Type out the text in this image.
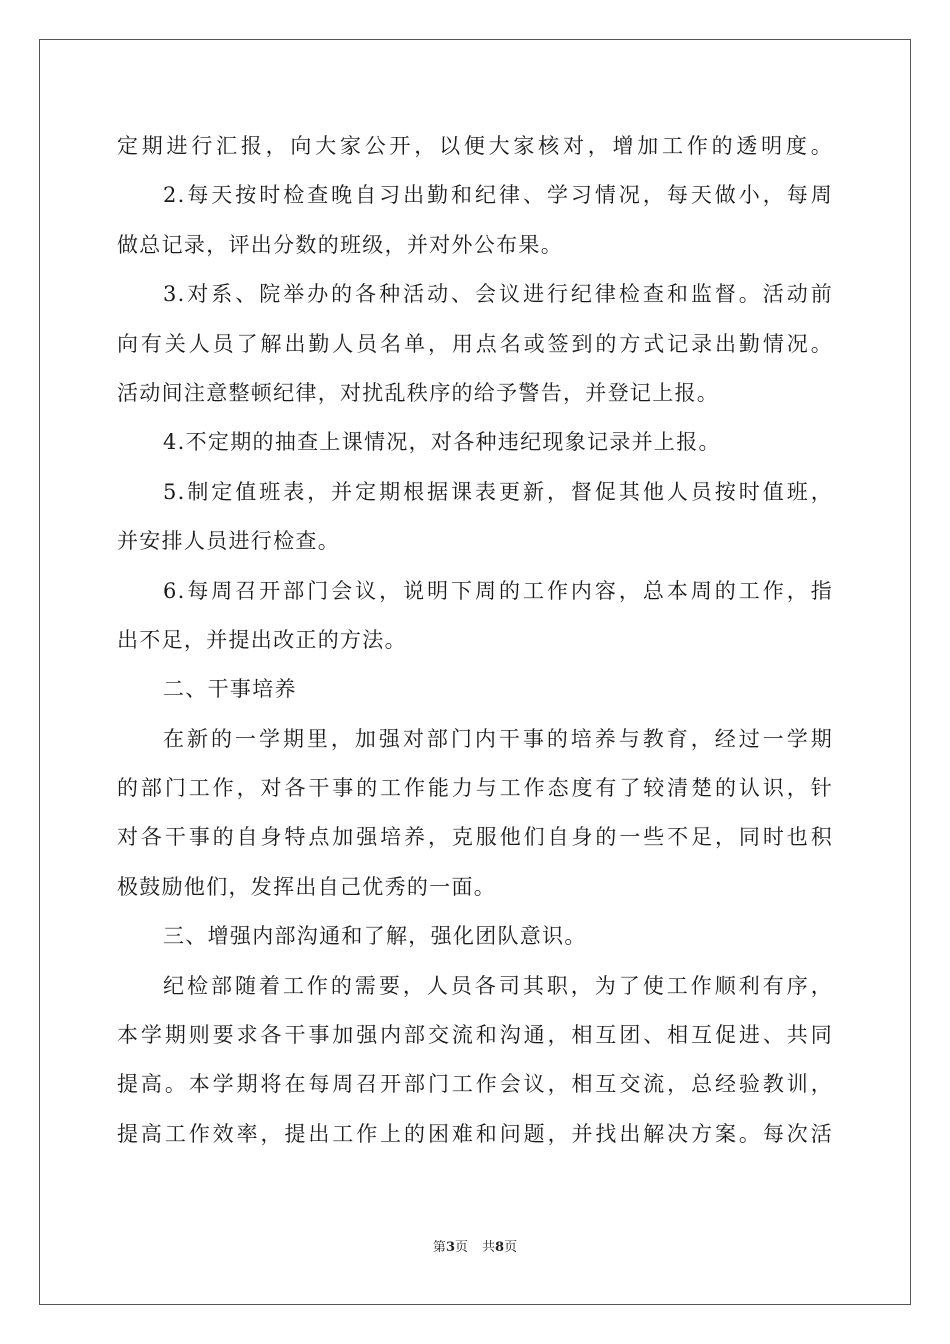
定期进行汇报，向大家公开，以便大家核对，增加工作的透明度。
2.每天按时检查晚自习出勤和纪律、学习情况，每天做小，每周
做总记录，评出分数的班级，并对外公布果。
3.对系、院举办的各种活动、会议进行纪律检查和监督。活动前
向有关人员了解出勤人员名单，用点名或签到的方式记录出勤情况。
活动间注意整顿纪律，对扰乱秩序的给予警告，并登记上报。
4.不定期的抽查上课情况，对各种违纪现象记录并上报。
5.制定值班表，并定期根据课表更新，督促其他人员按时值班，
并安排人员进行检查。
6.每周召开部门会议，说明下周的工作内容，总本周的工作，指
出不足，并提出改正的方法。
二、干事培养
在新的一学期里，加强对部门内干事的培养与教育，经过一学期
的部门工作，对各干事的工作能力与工作态度有了较清楚的认识，针
对各干事的自身特点加强培养，克服他们自身的一些不足，同时也积
极鼓励他们，发挥出自己优秀的一面。
三、增强内部沟通和了解，强化团队意识。
纪检部随着工作的需要，人员各司其职，为了使工作顺利有序，
本学期则要求各干事加强内部交流和沟通，相互团、相互促进、共同
提高。本学期将在每周召开部门工作会议，相互交流，总经验教训，
提高工作效率，提出工作上的困难和问题，并找出解决方案。每次活
第3页 共8页
